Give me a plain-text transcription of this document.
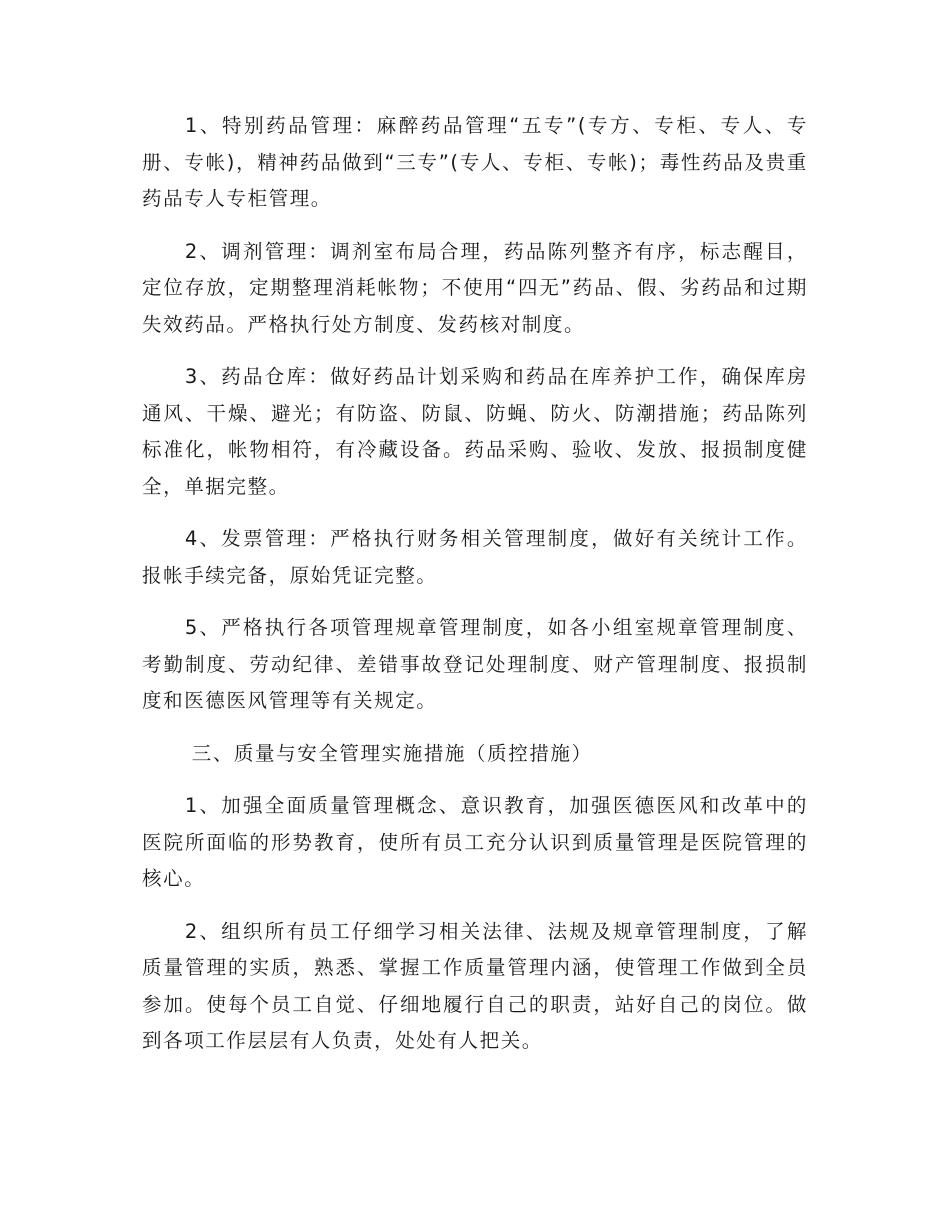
1、特别药品管理：麻醉药品管理“五专”(专方、专柜、专人、专册、专帐)，精神药品做到“三专”(专人、专柜、专帐)；毒性药品及贵重药品专人专柜管理。

2、调剂管理：调剂室布局合理，药品陈列整齐有序，标志醒目，定位存放，定期整理消耗帐物；不使用“四无”药品、假、劣药品和过期失效药品。严格执行处方制度、发药核对制度。

3、药品仓库：做好药品计划采购和药品在库养护工作，确保库房通风、干燥、避光；有防盗、防鼠、防蝇、防火、防潮措施；药品陈列标准化，帐物相符，有冷藏设备。药品采购、验收、发放、报损制度健全，单据完整。

4、发票管理：严格执行财务相关管理制度，做好有关统计工作。报帐手续完备，原始凭证完整。

5、严格执行各项管理规章管理制度，如各小组室规章管理制度、考勤制度、劳动纪律、差错事故登记处理制度、财产管理制度、报损制度和医德医风管理等有关规定。

三、质量与安全管理实施措施（质控措施）

1、加强全面质量管理概念、意识教育，加强医德医风和改革中的医院所面临的形势教育，使所有员工充分认识到质量管理是医院管理的核心。

2、组织所有员工仔细学习相关法律、法规及规章管理制度，了解质量管理的实质，熟悉、掌握工作质量管理内涵，使管理工作做到全员参加。使每个员工自觉、仔细地履行自己的职责，站好自己的岗位。做到各项工作层层有人负责，处处有人把关。
